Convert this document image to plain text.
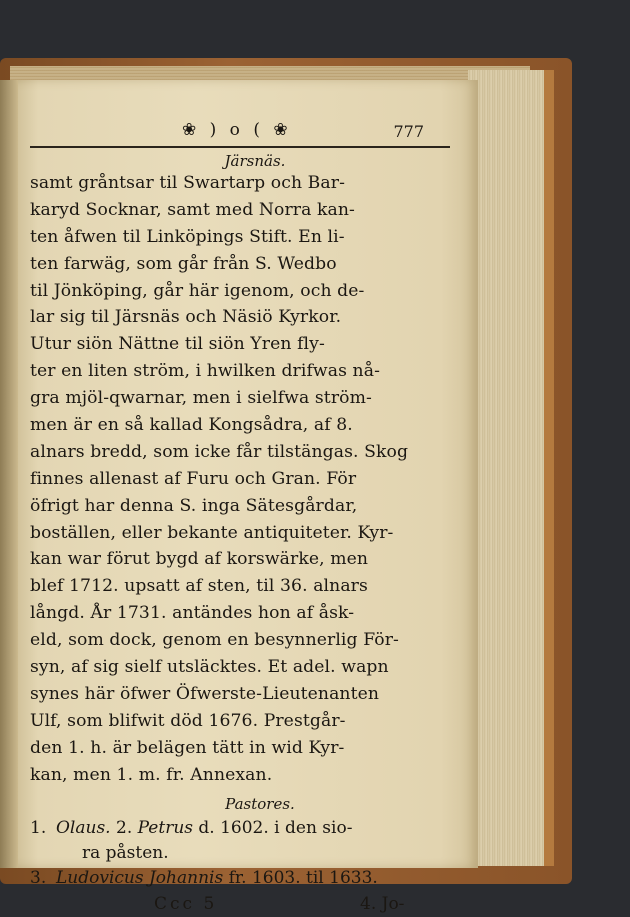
❀ ) o ( ❀	777
Järsnäs.
samt gråntsar til Swartarp och Bar-
karyd Socknar, samt med Norra kan-
ten åfwen til Linköpings Stift. En li-
ten farwäg, som går från S. Wedbo
til Jönköping, går här igenom, och de-
lar sig til Järsnäs och Näsiö Kyrkor.
Utur siön Nättne til siön Yren fly-
ter en liten ström, i hwilken drifwas nå-
gra mjöl-qwarnar, men i sielfwa ström-
men är en så kallad Kongsådra, af 8.
alnars bredd, som icke får tilstängas. Skog
finnes allenast af Furu och Gran. För
öfrigt har denna S. inga Sätesgårdar,
boställen, eller bekante antiquiteter. Kyr-
kan war förut bygd af korswärke, men
blef 1712. upsatt af sten, til 36. alnars
långd. År 1731. antändes hon af åsk-
eld, som dock, genom en besynnerlig För-
syn, af sig sielf utsläcktes. Et adel. wapn
synes här öfwer Öfwerste-Lieutenanten
Ulf, som blifwit död 1676. Prestgår-
den 1. h. är belägen tätt in wid Kyr-
kan, men 1. m. fr. Annexan.
Pastores.
1. Olaus. 2. Petrus d. 1602. i den sio-
ra påsten.
3. Ludovicus Johannis fr. 1603. til 1633.
Ccc 5	4. Jo-
